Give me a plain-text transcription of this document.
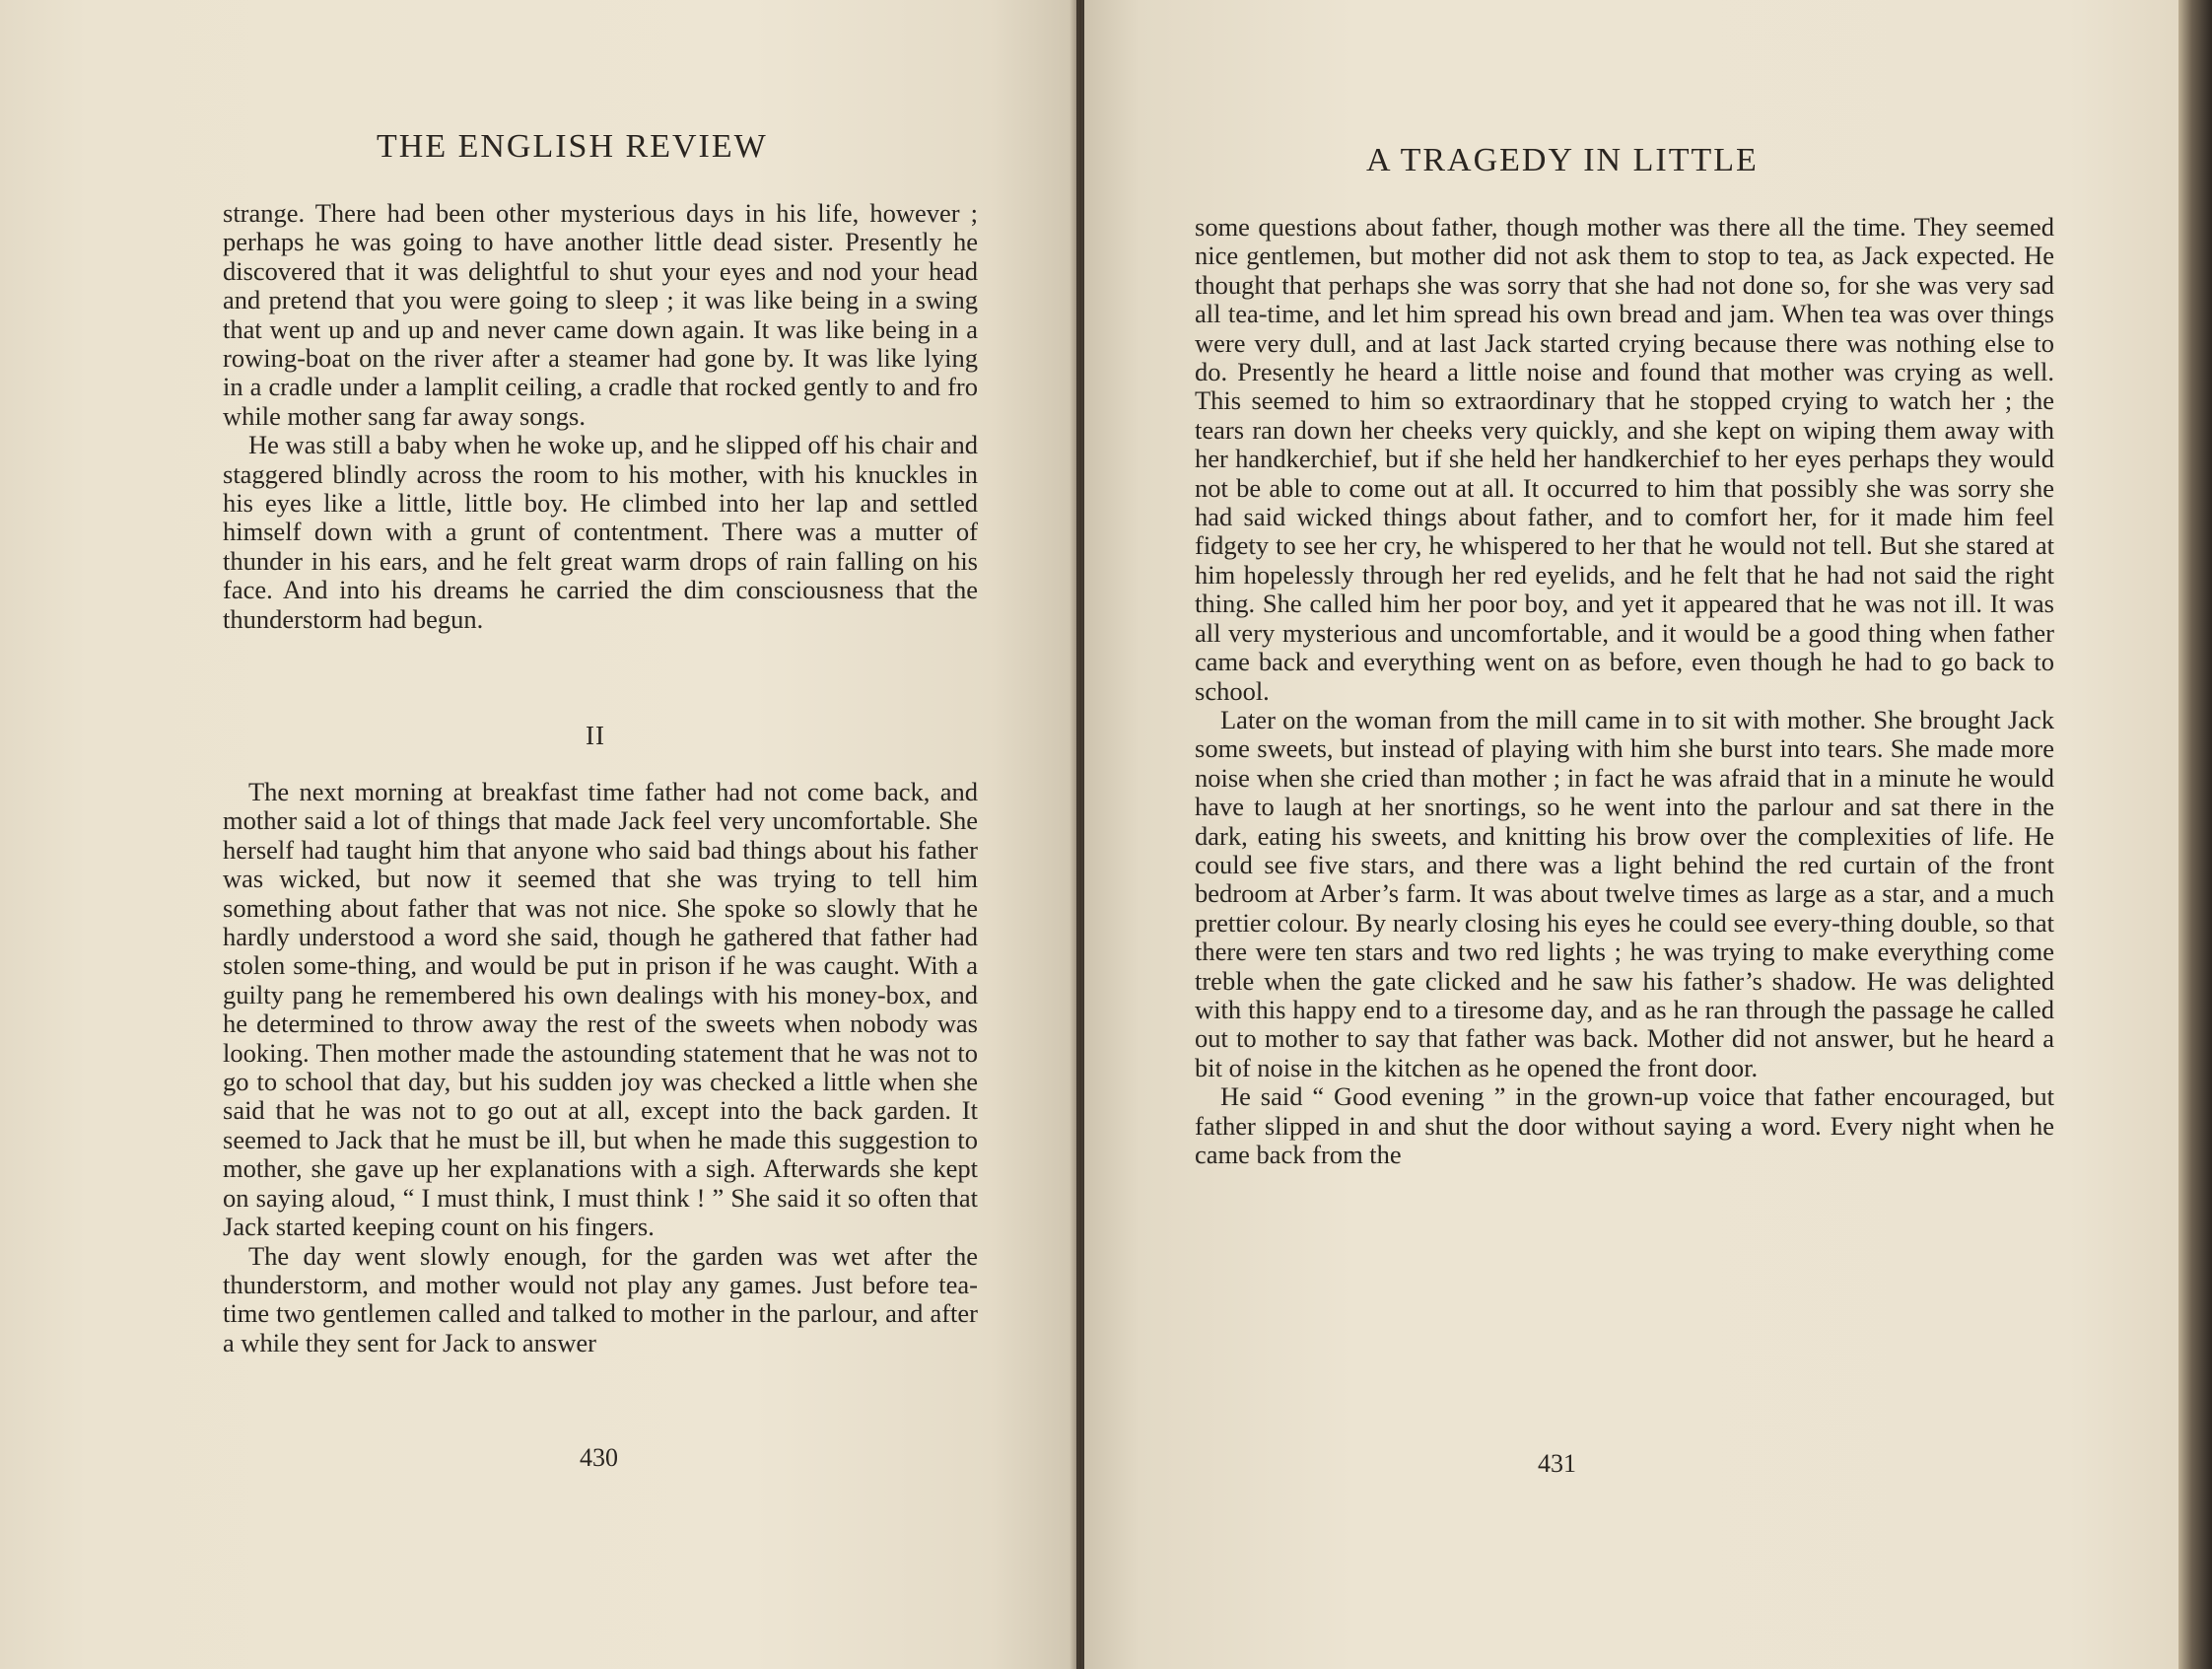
THE ENGLISH REVIEW

strange. There had been other mysterious days in his life, however ; perhaps he was going to have another little dead sister. Presently he discovered that it was delightful to shut your eyes and nod your head and pretend that you were going to sleep ; it was like being in a swing that went up and up and never came down again. It was like being in a rowing-boat on the river after a steamer had gone by. It was like lying in a cradle under a lamplit ceiling, a cradle that rocked gently to and fro while mother sang far away songs.

He was still a baby when he woke up, and he slipped off his chair and staggered blindly across the room to his mother, with his knuckles in his eyes like a little, little boy. He climbed into her lap and settled himself down with a grunt of contentment. There was a mutter of thunder in his ears, and he felt great warm drops of rain falling on his face. And into his dreams he carried the dim consciousness that the thunderstorm had begun.

II

The next morning at breakfast time father had not come back, and mother said a lot of things that made Jack feel very uncomfortable. She herself had taught him that anyone who said bad things about his father was wicked, but now it seemed that she was trying to tell him something about father that was not nice. She spoke so slowly that he hardly understood a word she said, though he gathered that father had stolen some-thing, and would be put in prison if he was caught. With a guilty pang he remembered his own dealings with his money-box, and he determined to throw away the rest of the sweets when nobody was looking. Then mother made the astounding statement that he was not to go to school that day, but his sudden joy was checked a little when she said that he was not to go out at all, except into the back garden. It seemed to Jack that he must be ill, but when he made this suggestion to mother, she gave up her explanations with a sigh. Afterwards she kept on saying aloud, “ I must think, I must think ! ” She said it so often that Jack started keeping count on his fingers.

The day went slowly enough, for the garden was wet after the thunderstorm, and mother would not play any games. Just before tea-time two gentlemen called and talked to mother in the parlour, and after a while they sent for Jack to answer

430
A TRAGEDY IN LITTLE

some questions about father, though mother was there all the time. They seemed nice gentlemen, but mother did not ask them to stop to tea, as Jack expected. He thought that perhaps she was sorry that she had not done so, for she was very sad all tea-time, and let him spread his own bread and jam. When tea was over things were very dull, and at last Jack started crying because there was nothing else to do. Presently he heard a little noise and found that mother was crying as well. This seemed to him so extraordinary that he stopped crying to watch her ; the tears ran down her cheeks very quickly, and she kept on wiping them away with her handkerchief, but if she held her handkerchief to her eyes perhaps they would not be able to come out at all. It occurred to him that possibly she was sorry she had said wicked things about father, and to comfort her, for it made him feel fidgety to see her cry, he whispered to her that he would not tell. But she stared at him hopelessly through her red eyelids, and he felt that he had not said the right thing. She called him her poor boy, and yet it appeared that he was not ill. It was all very mysterious and uncomfortable, and it would be a good thing when father came back and everything went on as before, even though he had to go back to school.

Later on the woman from the mill came in to sit with mother. She brought Jack some sweets, but instead of playing with him she burst into tears. She made more noise when she cried than mother ; in fact he was afraid that in a minute he would have to laugh at her snortings, so he went into the parlour and sat there in the dark, eating his sweets, and knitting his brow over the complexities of life. He could see five stars, and there was a light behind the red curtain of the front bedroom at Arber’s farm. It was about twelve times as large as a star, and a much prettier colour. By nearly closing his eyes he could see every-thing double, so that there were ten stars and two red lights ; he was trying to make everything come treble when the gate clicked and he saw his father’s shadow. He was delighted with this happy end to a tiresome day, and as he ran through the passage he called out to mother to say that father was back. Mother did not answer, but he heard a bit of noise in the kitchen as he opened the front door.

He said “ Good evening ” in the grown-up voice that father encouraged, but father slipped in and shut the door without saying a word. Every night when he came back from the

431
